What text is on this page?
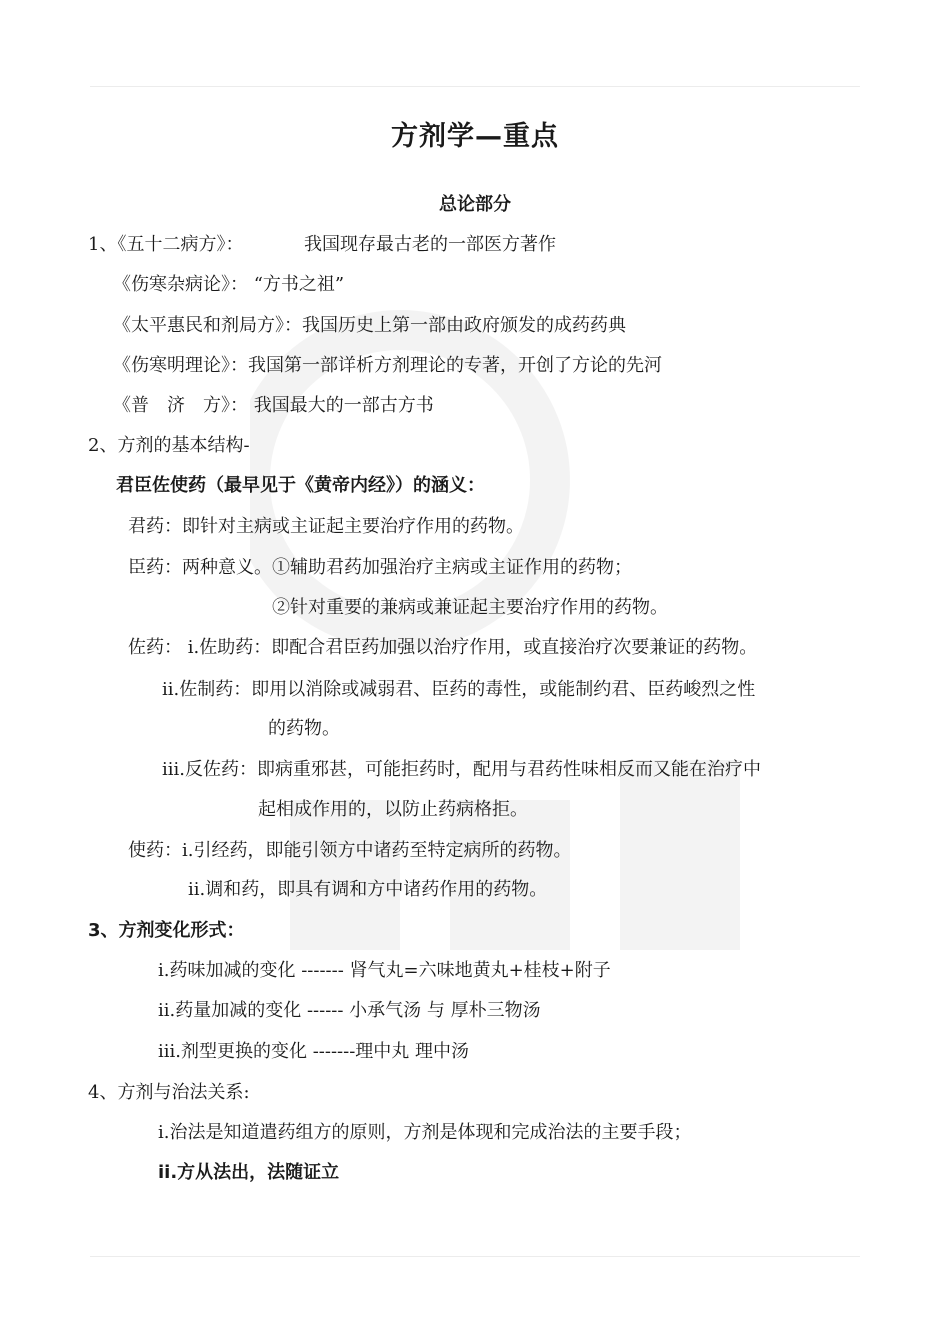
方剂学—重点
总论部分
1、《五十二病方》：	我国现存最古老的一部医方著作
《伤寒杂病论》： “方书之祖”
《太平惠民和剂局方》：我国历史上第一部由政府颁发的成药药典
《伤寒明理论》：我国第一部详析方剂理论的专著，开创了方论的先河
《普　济　方》： 我国最大的一部古方书
2、方剂的基本结构-
君臣佐使药（最早见于《黄帝内经》）的涵义：
君药：即针对主病或主证起主要治疗作用的药物。
臣药：两种意义。①辅助君药加强治疗主病或主证作用的药物；
②针对重要的兼病或兼证起主要治疗作用的药物。
佐药： i.佐助药：即配合君臣药加强以治疗作用，或直接治疗次要兼证的药物。
ii.佐制药：即用以消除或减弱君、臣药的毒性，或能制约君、臣药峻烈之性
的药物。
iii.反佐药：即病重邪甚，可能拒药时，配用与君药性味相反而又能在治疗中
起相成作用的，以防止药病格拒。
使药：i.引经药，即能引领方中诸药至特定病所的药物。
ii.调和药，即具有调和方中诸药作用的药物。
3、方剂变化形式：
i.药味加减的变化 ------- 肾气丸=六味地黄丸+桂枝+附子
ii.药量加减的变化 ------ 小承气汤 与 厚朴三物汤
iii.剂型更换的变化 -------理中丸 理中汤
4、方剂与治法关系:
i.治法是知道遣药组方的原则，方剂是体现和完成治法的主要手段；
ii.方从法出，法随证立
